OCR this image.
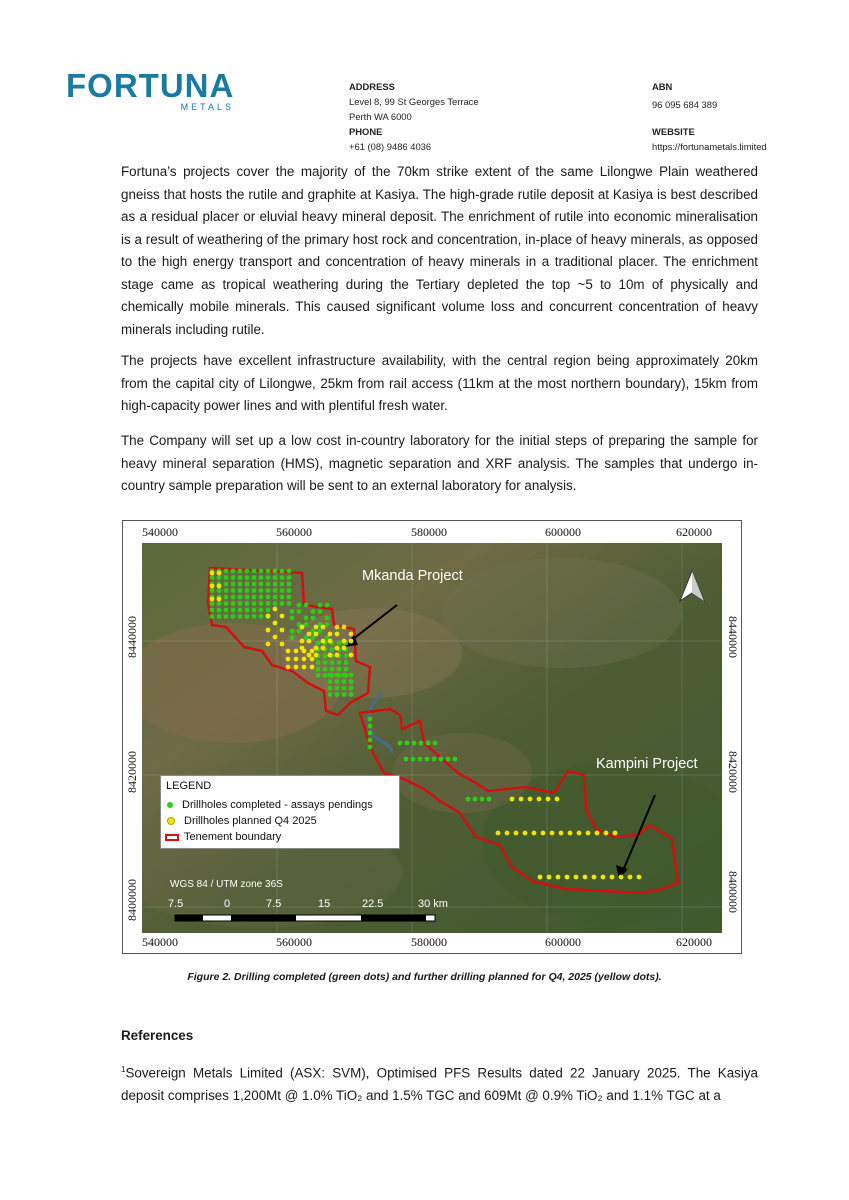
FORTUNA
METALS
ADDRESS
Level 8, 99 St Georges Terrace
Perth WA 6000
PHONE
+61 (08) 9486 4036
ABN
96 095 684 389
WEBSITE
https://fortunametals.limited
Fortuna’s projects cover the majority of the 70km strike extent of the same Lilongwe Plain weathered gneiss that hosts the rutile and graphite at Kasiya. The high-grade rutile deposit at Kasiya is best described as a residual placer or eluvial heavy mineral deposit. The enrichment of rutile into economic mineralisation is a result of weathering of the primary host rock and concentration, in-place of heavy minerals, as opposed to the high energy transport and concentration of heavy minerals in a traditional placer. The enrichment stage came as tropical weathering during the Tertiary depleted the top ~5 to 10m of physically and chemically mobile minerals. This caused significant volume loss and concurrent concentration of heavy minerals including rutile.
The projects have excellent infrastructure availability, with the central region being approximately 20km from the capital city of Lilongwe, 25km from rail access (11km at the most northern boundary), 15km from high-capacity power lines and with plentiful fresh water.
The Company will set up a low cost in-country laboratory for the initial steps of preparing the sample for heavy mineral separation (HMS), magnetic separation and XRF analysis. The samples that undergo in-country sample preparation will be sent to an external laboratory for analysis.
540000	560000	580000	600000	620000
540000	560000	580000	600000	620000
8440000
8420000
8400000
8440000
8420000
8400000
Mkanda Project
Kampini Project
WGS 84 / UTM zone 36S
7.5	0	7.5	15	22.5	30 km
LEGEND
Drillholes completed - assays pendings
Drillholes planned Q4 2025
Tenement boundary
Figure 2. Drilling completed (green dots) and further drilling planned for Q4, 2025 (yellow dots).
References
$^1$Sovereign Metals Limited (ASX: SVM), Optimised PFS Results dated 22 January 2025. The Kasiya deposit comprises 1,200Mt @ 1.0% TiO₂ and 1.5% TGC and 609Mt @ 0.9% TiO₂ and 1.1% TGC at a
